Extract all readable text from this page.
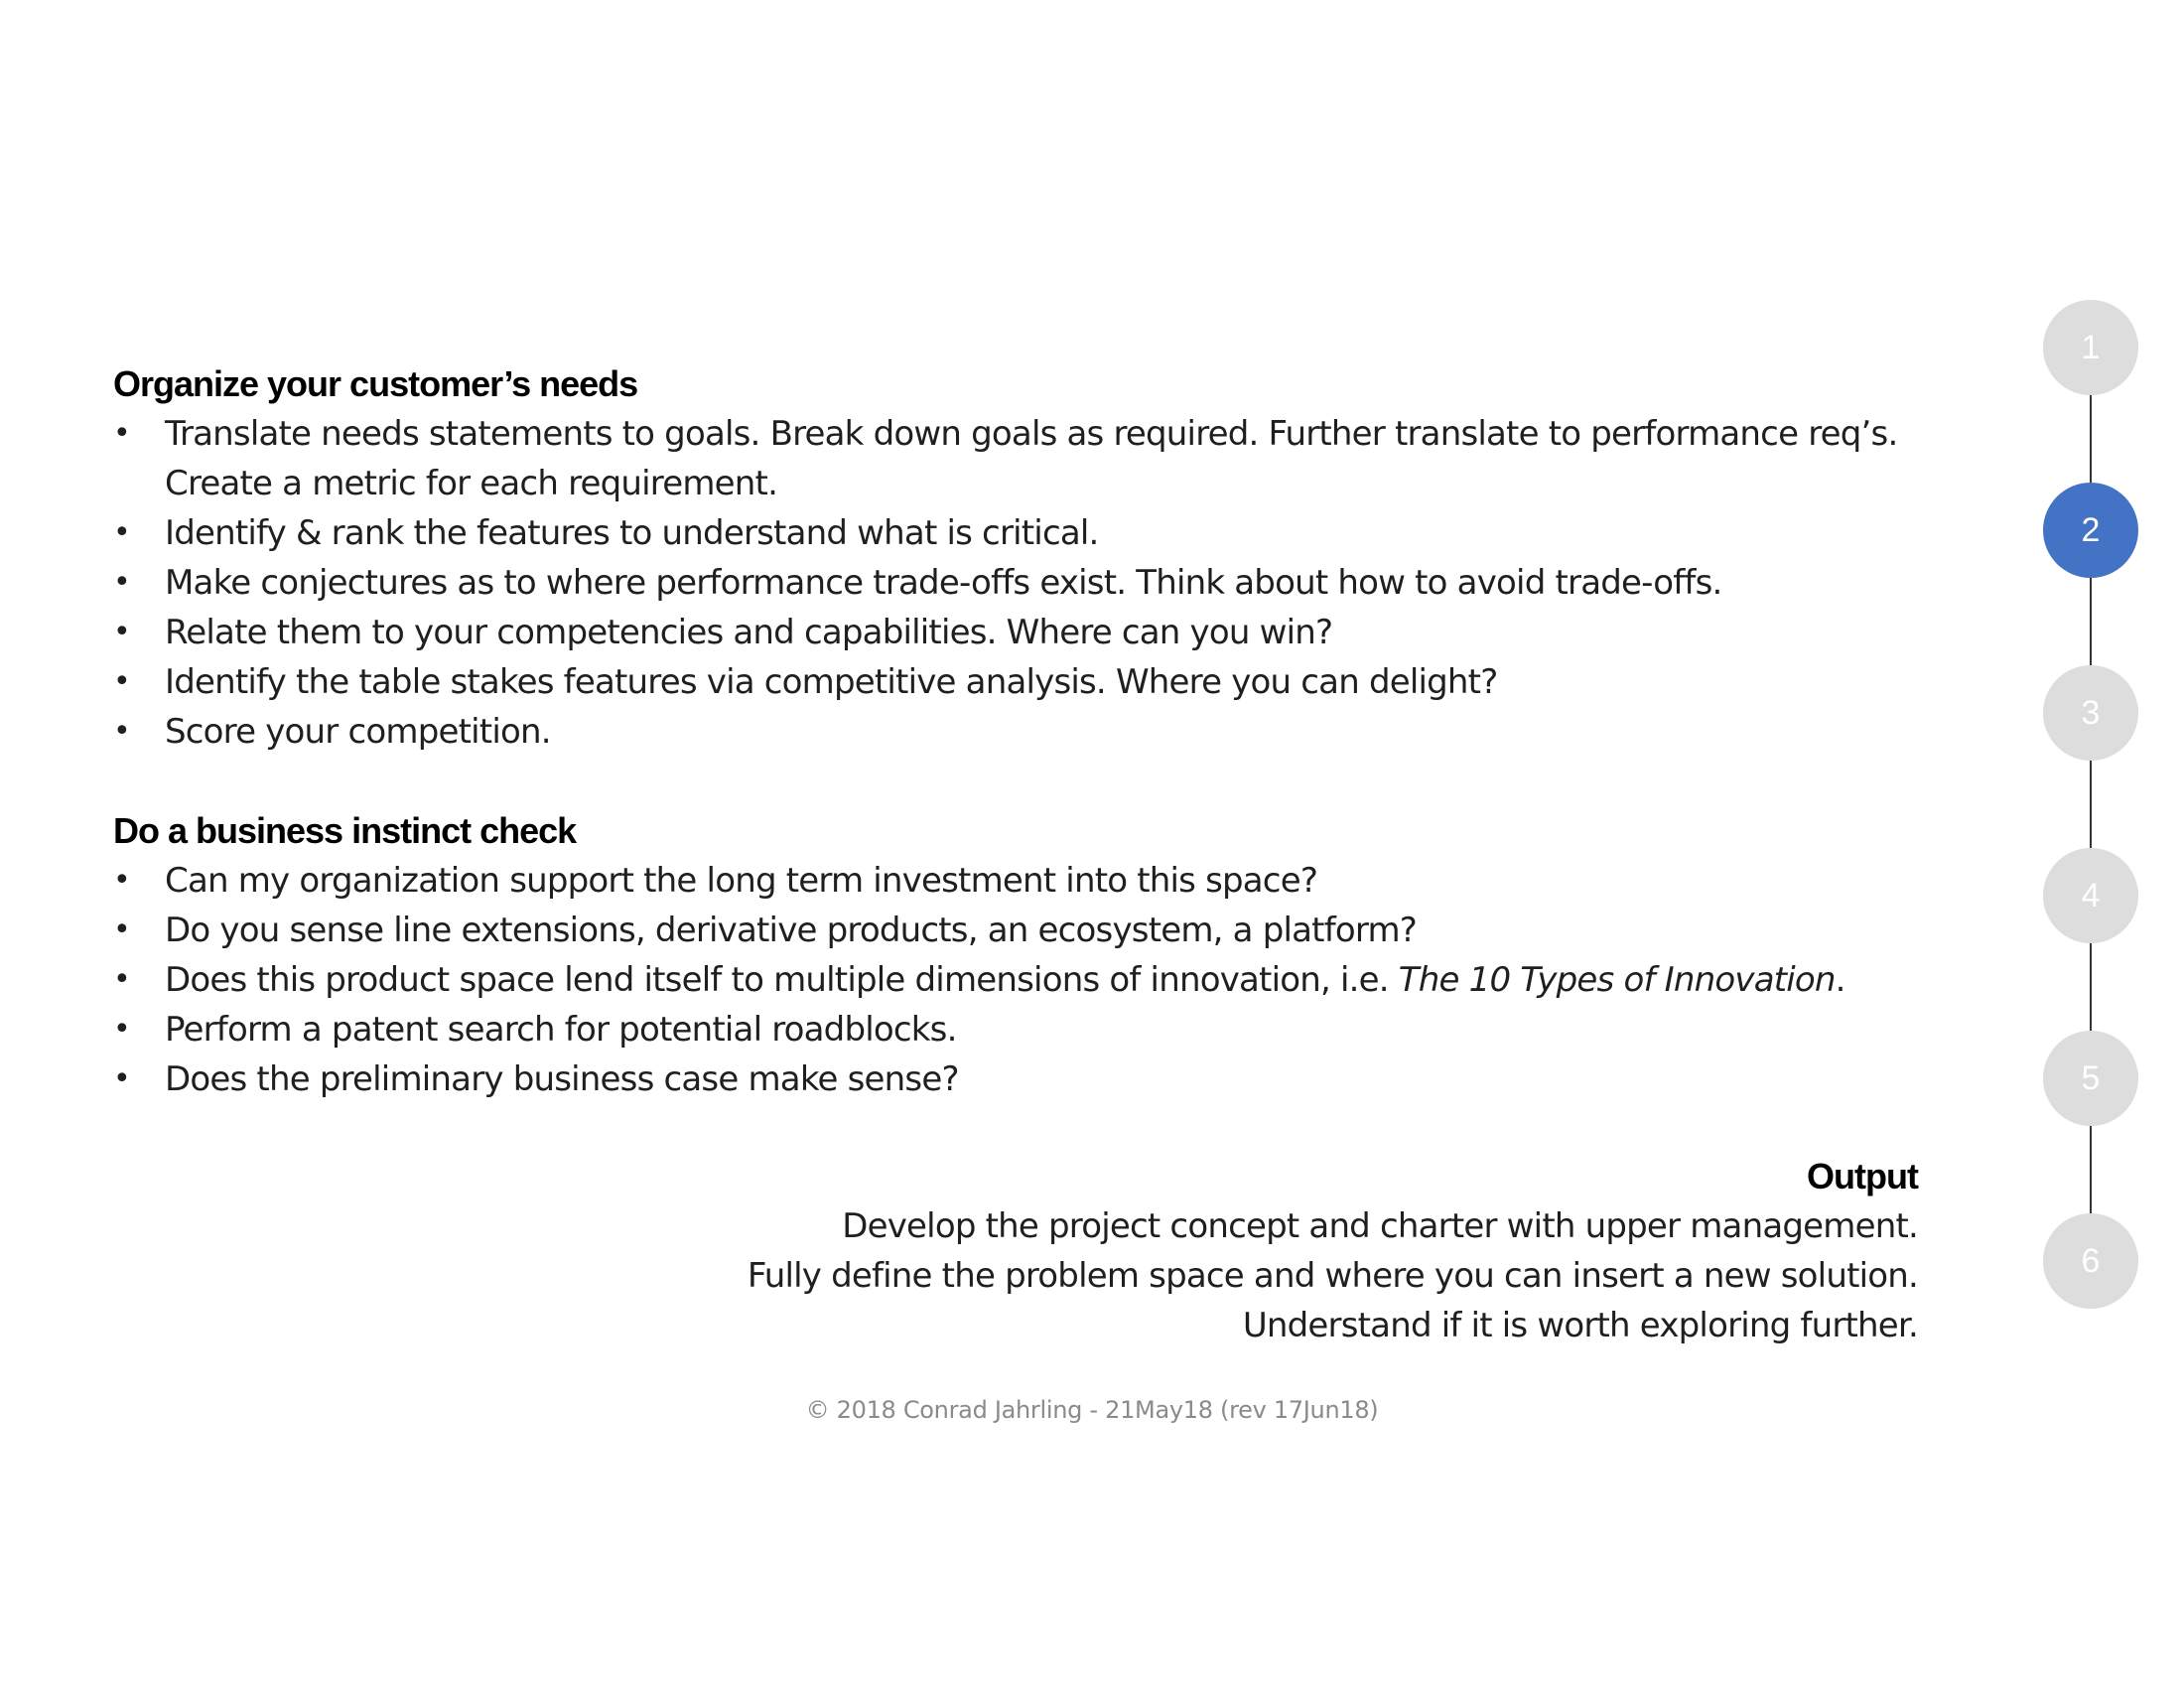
Organize your customer’s needs
• Translate needs statements to goals. Break down goals as required. Further translate to performance req’s. Create a metric for each requirement.
• Identify & rank the features to understand what is critical.
• Make conjectures as to where performance trade-offs exist. Think about how to avoid trade-offs.
• Relate them to your competencies and capabilities. Where can you win?
• Identify the table stakes features via competitive analysis. Where you can delight?
• Score your competition.
Do a business instinct check
• Can my organization support the long term investment into this space?
• Do you sense line extensions, derivative products, an ecosystem, a platform?
• Does this product space lend itself to multiple dimensions of innovation, i.e. The 10 Types of Innovation.
• Perform a patent search for potential roadblocks.
• Does the preliminary business case make sense?
Output

Develop the project concept and charter with upper management.

Fully define the problem space and where you can insert a new solution.

Understand if it is worth exploring further.

© 2018 Conrad Jahrling - 21May18 (rev 17Jun18)
1
2
3
4
5
6
